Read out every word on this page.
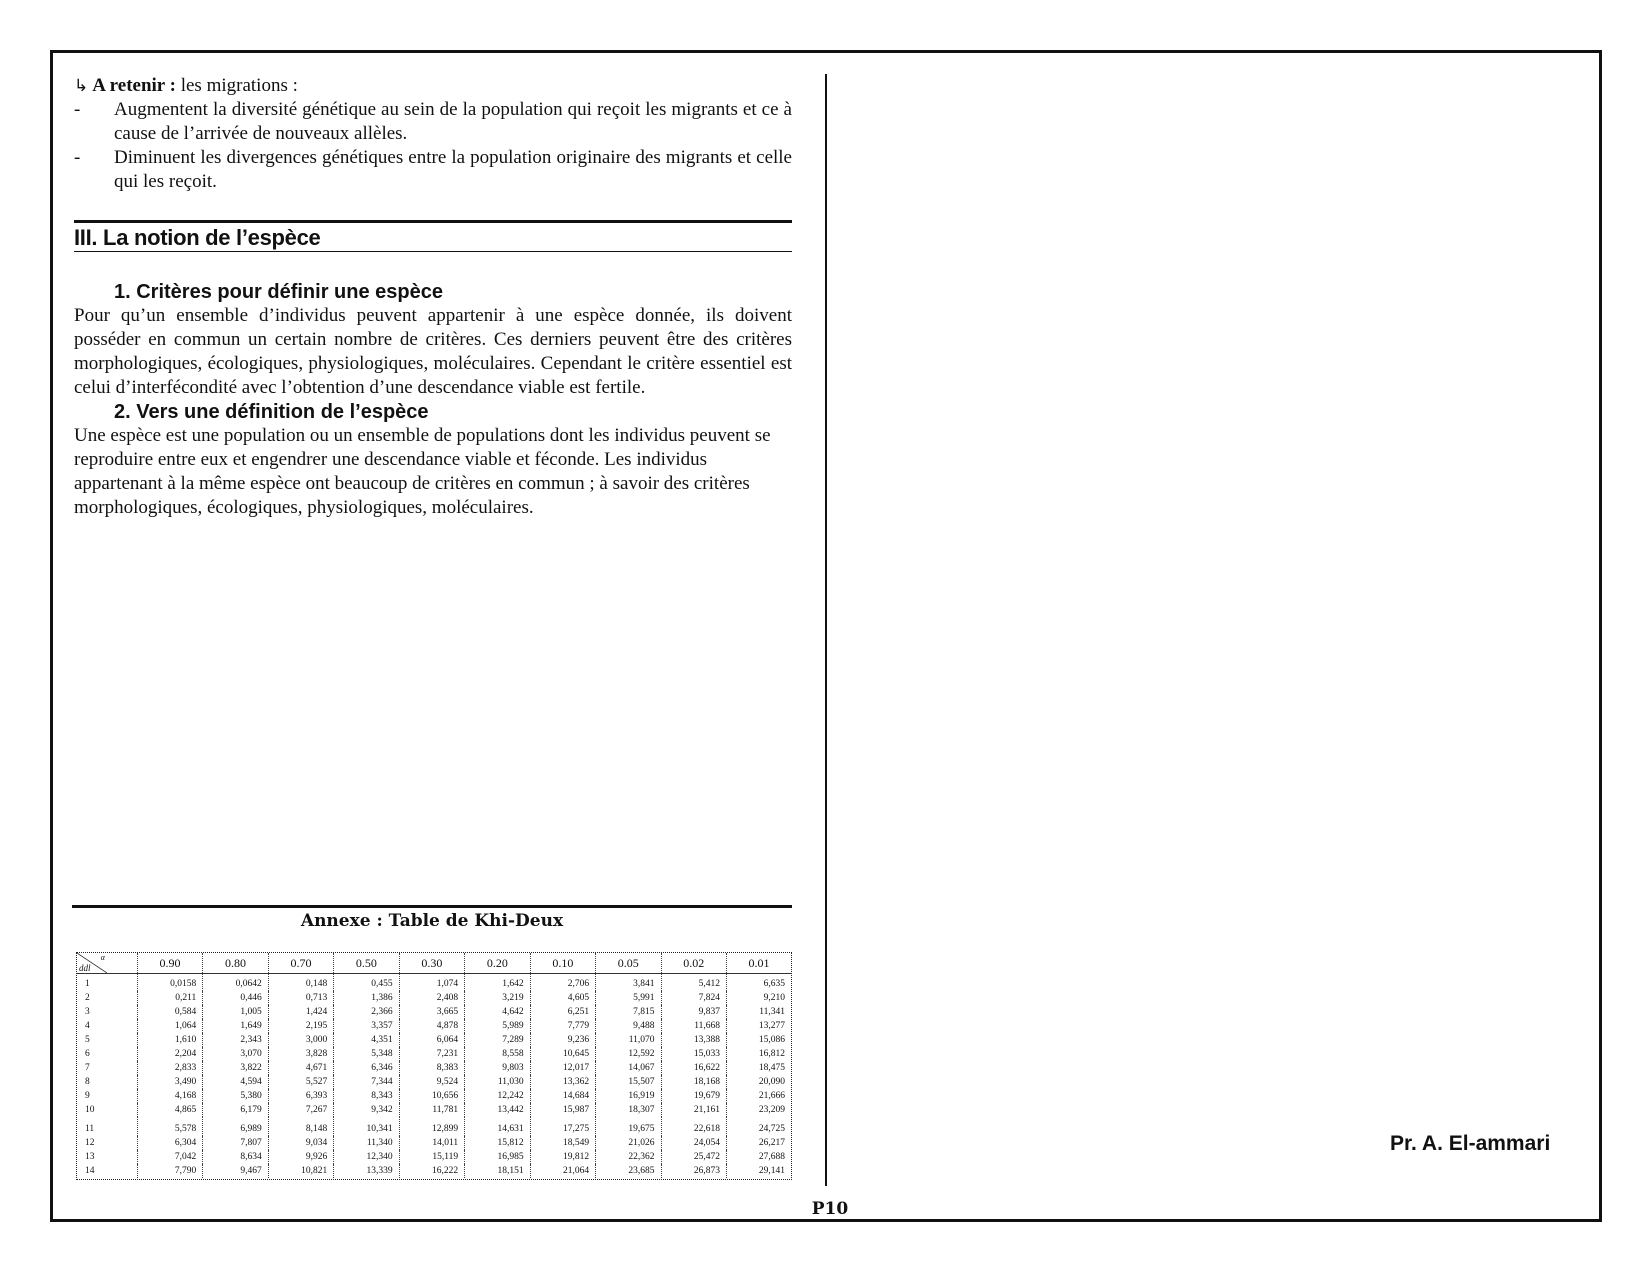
↳ A retenir : les migrations :
-	Augmentent la diversité génétique au sein de la population qui reçoit les migrants et ce à cause de l’arrivée de nouveaux allèles.
-	Diminuent les divergences génétiques entre la population originaire des migrants et celle qui les reçoit.
III. La notion de l’espèce
1. Critères pour définir une espèce
Pour qu’un ensemble d’individus peuvent appartenir à une espèce donnée, ils doivent posséder en commun un certain nombre de critères. Ces derniers peuvent être des critères morphologiques, écologiques, physiologiques, moléculaires. Cependant le critère essentiel est celui d’interfécondité avec l’obtention d’une descendance viable est fertile.
2. Vers une définition de l’espèce
Une espèce est une population ou un ensemble de populations dont les individus peuvent se reproduire entre eux et engendrer une descendance viable et féconde. Les individus appartenant à la même espèce ont beaucoup de critères en commun ; à savoir des critères morphologiques, écologiques, physiologiques, moléculaires.
Annexe : Table de Khi-Deux
α
ddl	0.90	0.80	0.70	0.50	0.30	0.20	0.10	0.05	0.02	0.01
1	0,0158	0,0642	0,148	0,455	1,074	1,642	2,706	3,841	5,412	6,635
2	0,211	0,446	0,713	1,386	2,408	3,219	4,605	5,991	7,824	9,210
3	0,584	1,005	1,424	2,366	3,665	4,642	6,251	7,815	9,837	11,341
4	1,064	1,649	2,195	3,357	4,878	5,989	7,779	9,488	11,668	13,277
5	1,610	2,343	3,000	4,351	6,064	7,289	9,236	11,070	13,388	15,086
6	2,204	3,070	3,828	5,348	7,231	8,558	10,645	12,592	15,033	16,812
7	2,833	3,822	4,671	6,346	8,383	9,803	12,017	14,067	16,622	18,475
8	3,490	4,594	5,527	7,344	9,524	11,030	13,362	15,507	18,168	20,090
9	4,168	5,380	6,393	8,343	10,656	12,242	14,684	16,919	19,679	21,666
10	4,865	6,179	7,267	9,342	11,781	13,442	15,987	18,307	21,161	23,209
11	5,578	6,989	8,148	10,341	12,899	14,631	17,275	19,675	22,618	24,725
12	6,304	7,807	9,034	11,340	14,011	15,812	18,549	21,026	24,054	26,217
13	7,042	8,634	9,926	12,340	15,119	16,985	19,812	22,362	25,472	27,688
14	7,790	9,467	10,821	13,339	16,222	18,151	21,064	23,685	26,873	29,141
Pr. A. El-ammari
P10
